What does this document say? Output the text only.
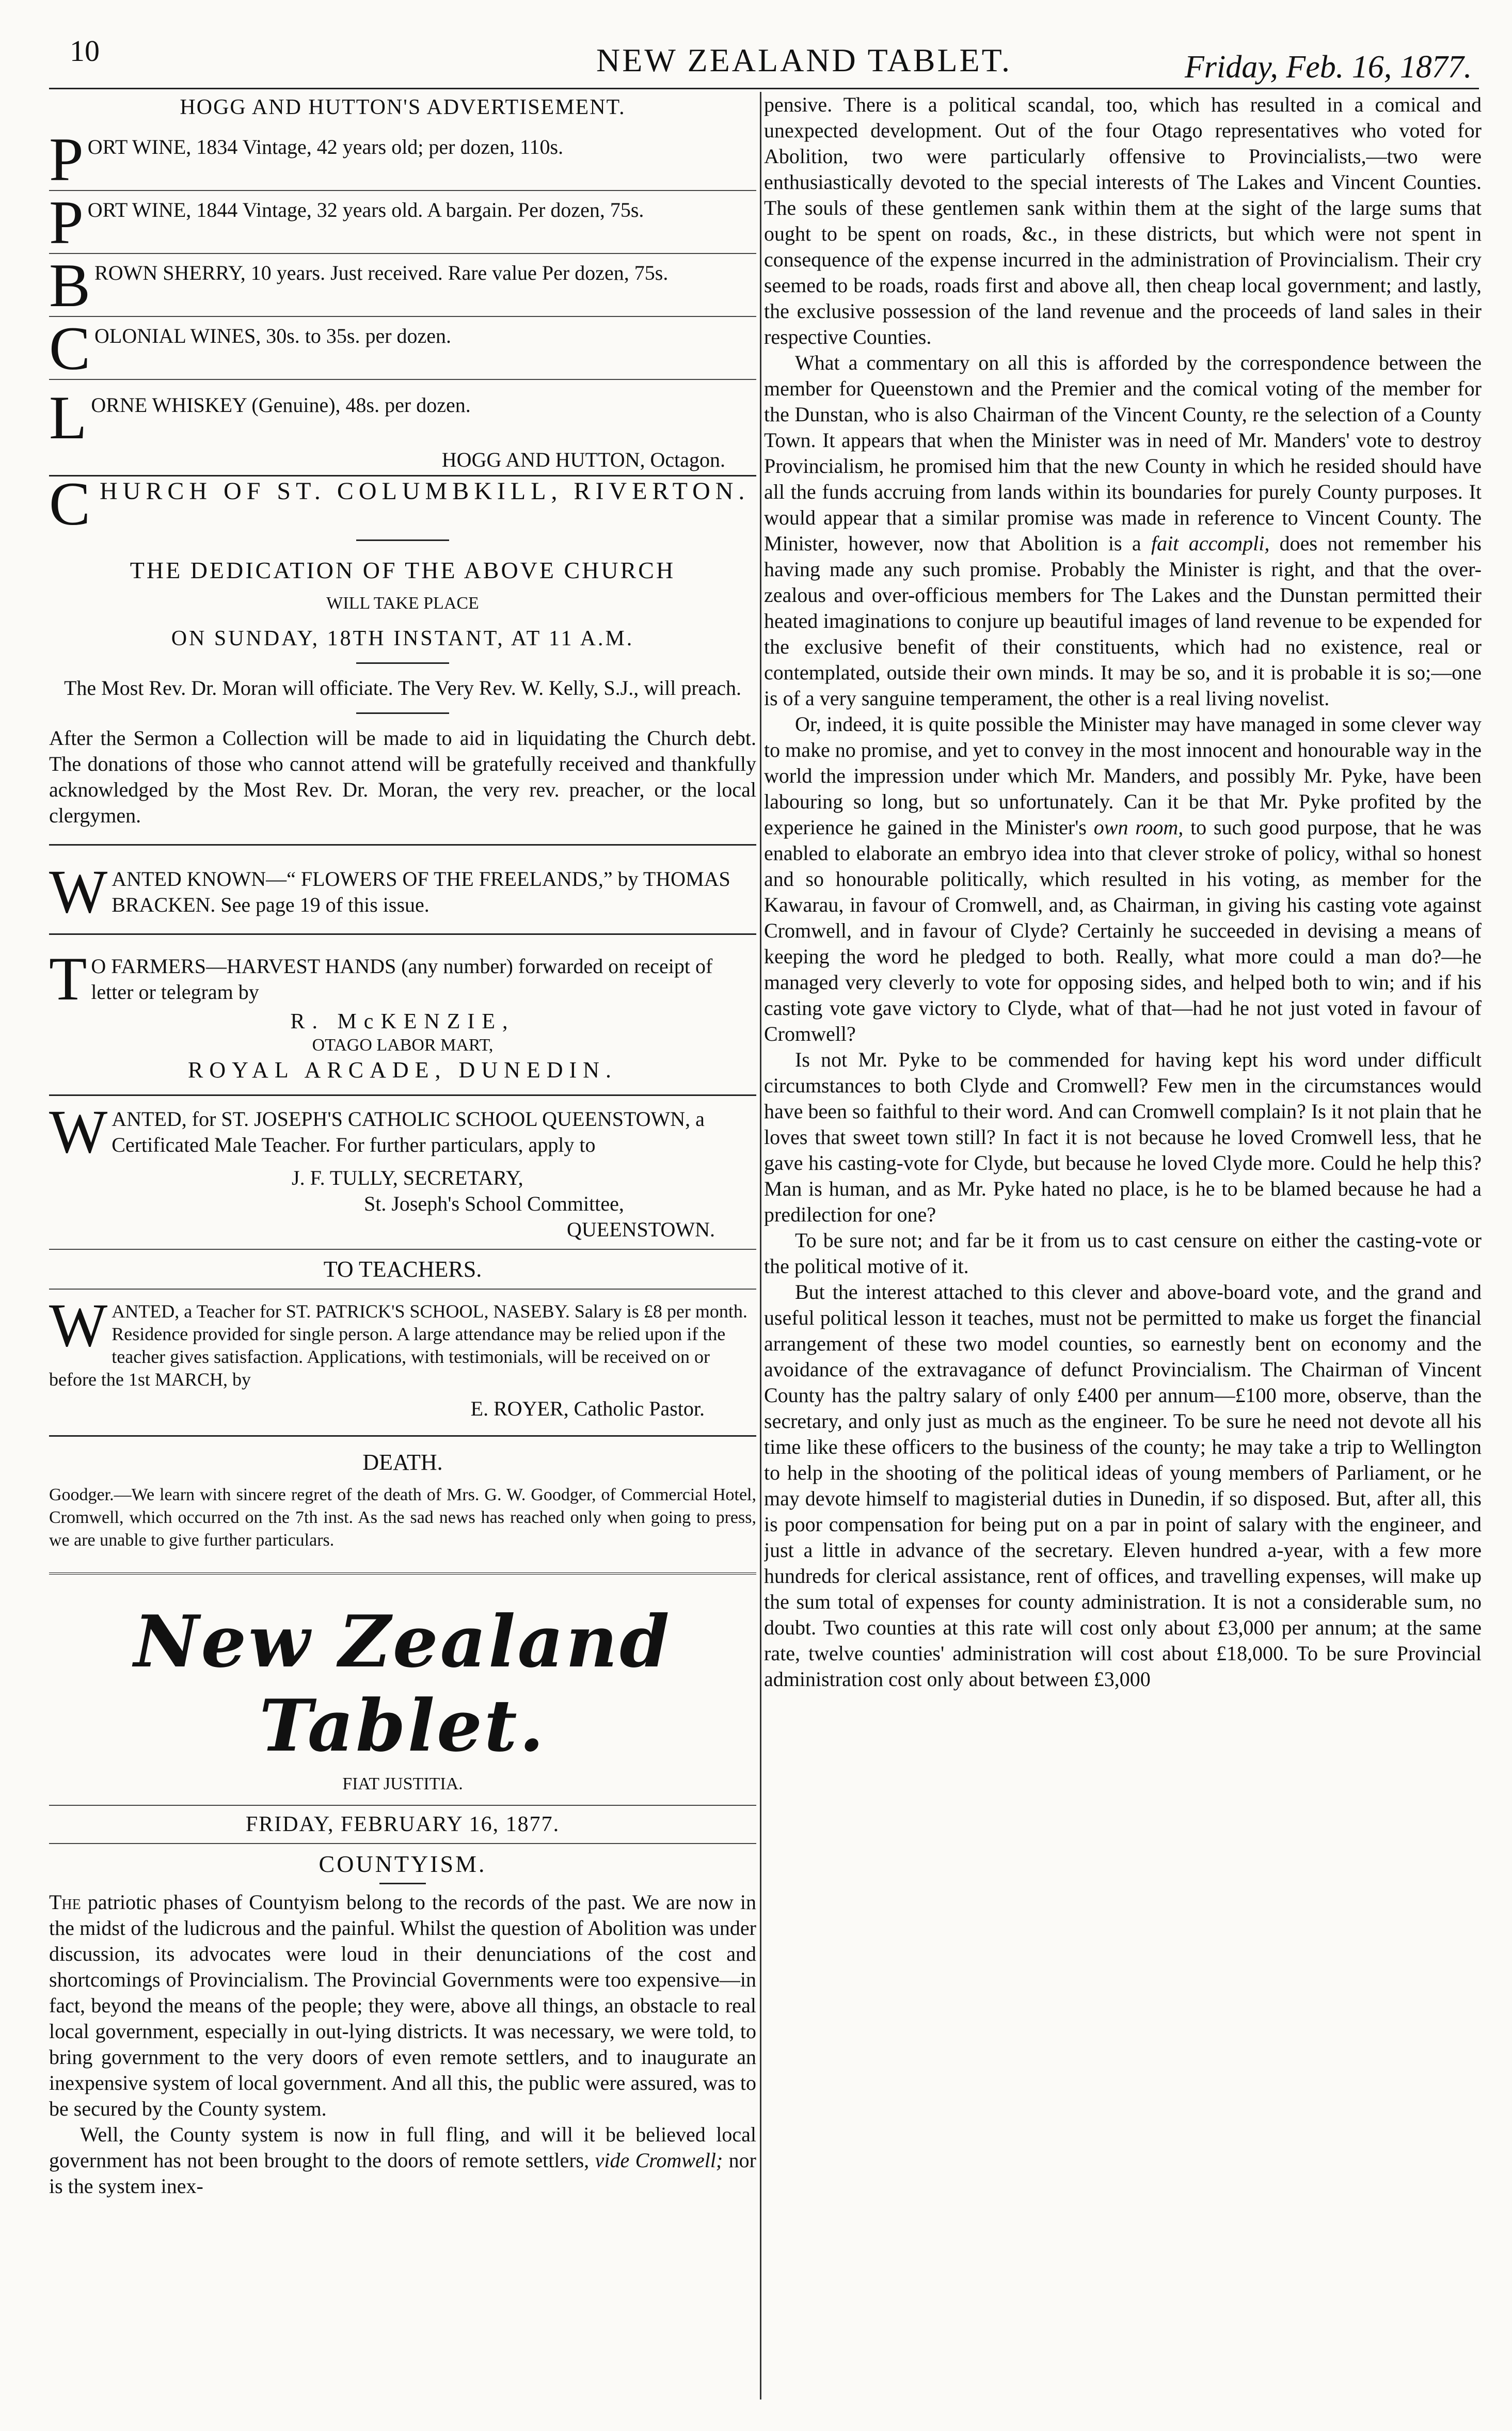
10	NEW ZEALAND TABLET.	Friday, Feb. 16, 1877.

HOGG AND HUTTON'S ADVERTISEMENT.

P ORT WINE, 1834 Vintage, 42 years old; per dozen, 110s.
P ORT WINE, 1844 Vintage, 32 years old. A bargain. Per dozen, 75s.
B ROWN SHERRY, 10 years. Just received. Rare value Per dozen, 75s.
C OLONIAL WINES, 30s. to 35s. per dozen.
L ORNE WHISKEY (Genuine), 48s. per dozen.

HOGG AND HUTTON, Octagon.

C HURCH OF ST. COLUMBKILL, RIVERTON.

THE DEDICATION OF THE ABOVE CHURCH

WILL TAKE PLACE

ON SUNDAY, 18TH INSTANT, AT 11 A.M.

The Most Rev. Dr. Moran will officiate. The Very Rev. W. Kelly, S.J., will preach.

After the Sermon a Collection will be made to aid in liquidating the Church debt. The donations of those who cannot attend will be gratefully received and thankfully acknowledged by the Most Rev. Dr. Moran, the very rev. preacher, or the local clergymen.

W ANTED KNOWN—“ FLOWERS OF THE FREELANDS,” by THOMAS BRACKEN. See page 19 of this issue.
T O FARMERS—HARVEST HANDS (any number) forwarded on receipt of letter or telegram by

R. McKENZIE,

OTAGO LABOR MART,

ROYAL ARCADE, DUNEDIN.

W ANTED, for ST. JOSEPH'S CATHOLIC SCHOOL QUEENSTOWN, a Certificated Male Teacher. For further particulars, apply to

J. F. TULLY, SECRETARY,

St. Joseph's School Committee,

QUEENSTOWN.

TO TEACHERS.

W ANTED, a Teacher for ST. PATRICK'S SCHOOL, NASEBY. Salary is £8 per month. Residence provided for single person. A large attendance may be relied upon if the teacher gives satisfaction. Applications, with testimonials, will be received on or before the 1st MARCH, by

E. ROYER, Catholic Pastor.

DEATH.

Goodger.—We learn with sincere regret of the death of Mrs. G. W. Goodger, of Commercial Hotel, Cromwell, which occurred on the 7th inst. As the sad news has reached only when going to press, we are unable to give further particulars.

New Zealand Tablet.

FIAT JUSTITIA.

FRIDAY, FEBRUARY 16, 1877.

COUNTYISM.

The patriotic phases of Countyism belong to the records of the past. We are now in the midst of the ludicrous and the painful. Whilst the question of Abolition was under discussion, its advocates were loud in their denunciations of the cost and shortcomings of Provincialism. The Provincial Governments were too expensive—in fact, beyond the means of the people; they were, above all things, an obstacle to real local government, especially in out-lying districts. It was necessary, we were told, to bring government to the very doors of even remote settlers, and to inaugurate an inexpensive system of local government. And all this, the public were assured, was to be secured by the County system.

Well, the County system is now in full fling, and will it be believed local government has not been brought to the doors of remote settlers, vide Cromwell; nor is the system inex-

pensive. There is a political scandal, too, which has resulted in a comical and unexpected development. Out of the four Otago representatives who voted for Abolition, two were particularly offensive to Provincialists,—two were enthusiastically devoted to the special interests of The Lakes and Vincent Counties. The souls of these gentlemen sank within them at the sight of the large sums that ought to be spent on roads, &c., in these districts, but which were not spent in consequence of the expense incurred in the administration of Provincialism. Their cry seemed to be roads, roads first and above all, then cheap local government; and lastly, the exclusive possession of the land revenue and the proceeds of land sales in their respective Counties.

What a commentary on all this is afforded by the correspondence between the member for Queenstown and the Premier and the comical voting of the member for the Dunstan, who is also Chairman of the Vincent County, re the selection of a County Town. It appears that when the Minister was in need of Mr. Manders' vote to destroy Provincialism, he promised him that the new County in which he resided should have all the funds accruing from lands within its boundaries for purely County purposes. It would appear that a similar promise was made in reference to Vincent County. The Minister, however, now that Abolition is a fait accompli, does not remember his having made any such promise. Probably the Minister is right, and that the over-zealous and over-officious members for The Lakes and the Dunstan permitted their heated imaginations to conjure up beautiful images of land revenue to be expended for the exclusive benefit of their constituents, which had no existence, real or contemplated, outside their own minds. It may be so, and it is probable it is so;—one is of a very sanguine temperament, the other is a real living novelist.

Or, indeed, it is quite possible the Minister may have managed in some clever way to make no promise, and yet to convey in the most innocent and honourable way in the world the impression under which Mr. Manders, and possibly Mr. Pyke, have been labouring so long, but so unfortunately. Can it be that Mr. Pyke profited by the experience he gained in the Minister's own room, to such good purpose, that he was enabled to elaborate an embryo idea into that clever stroke of policy, withal so honest and so honourable politically, which resulted in his voting, as member for the Kawarau, in favour of Cromwell, and, as Chairman, in giving his casting vote against Cromwell, and in favour of Clyde? Certainly he succeeded in devising a means of keeping the word he pledged to both. Really, what more could a man do?—he managed very cleverly to vote for opposing sides, and helped both to win; and if his casting vote gave victory to Clyde, what of that—had he not just voted in favour of Cromwell?

Is not Mr. Pyke to be commended for having kept his word under difficult circumstances to both Clyde and Cromwell? Few men in the circumstances would have been so faithful to their word. And can Cromwell complain? Is it not plain that he loves that sweet town still? In fact it is not because he loved Cromwell less, that he gave his casting-vote for Clyde, but because he loved Clyde more. Could he help this? Man is human, and as Mr. Pyke hated no place, is he to be blamed because he had a predilection for one?

To be sure not; and far be it from us to cast censure on either the casting-vote or the political motive of it.

But the interest attached to this clever and above-board vote, and the grand and useful political lesson it teaches, must not be permitted to make us forget the financial arrangement of these two model counties, so earnestly bent on economy and the avoidance of the extravagance of defunct Provincialism. The Chairman of Vincent County has the paltry salary of only £400 per annum—£100 more, observe, than the secretary, and only just as much as the engineer. To be sure he need not devote all his time like these officers to the business of the county; he may take a trip to Wellington to help in the shooting of the political ideas of young members of Parliament, or he may devote himself to magisterial duties in Dunedin, if so disposed. But, after all, this is poor compensation for being put on a par in point of salary with the engineer, and just a little in advance of the secretary. Eleven hundred a-year, with a few more hundreds for clerical assistance, rent of offices, and travelling expenses, will make up the sum total of expenses for county administration. It is not a considerable sum, no doubt. Two counties at this rate will cost only about £3,000 per annum; at the same rate, twelve counties' administration will cost about £18,000. To be sure Provincial administration cost only about between £3,000
